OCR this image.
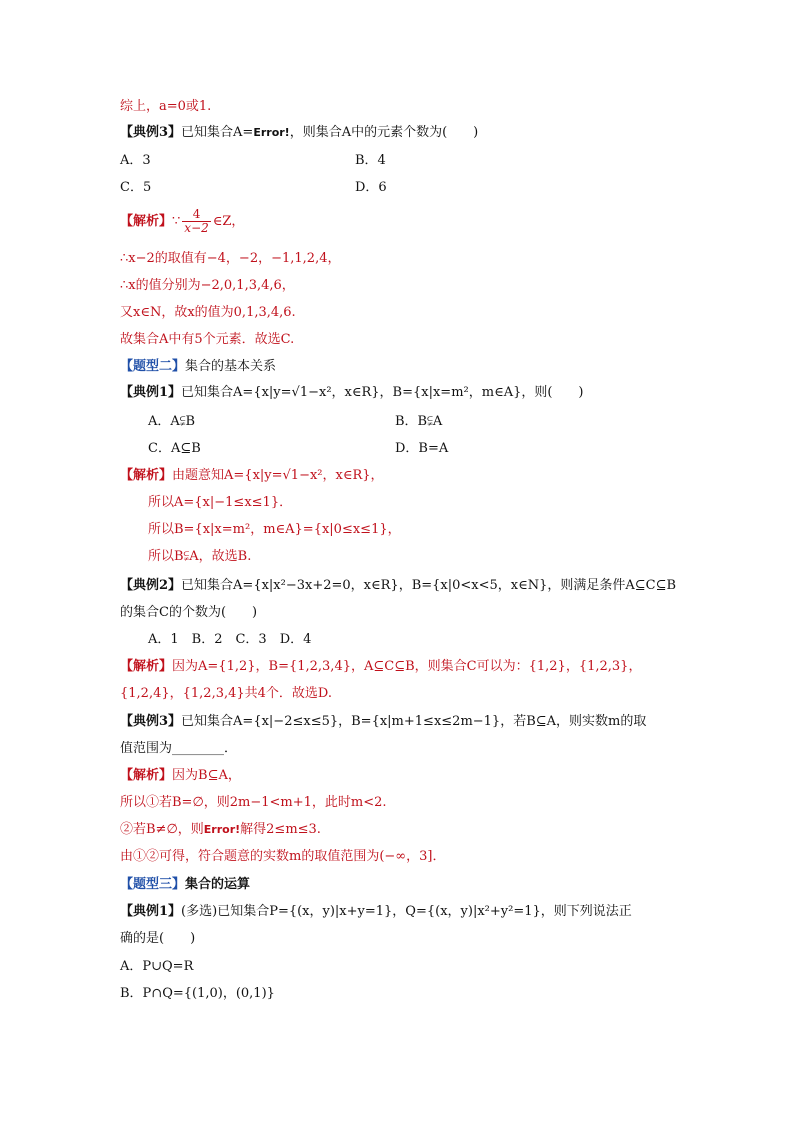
综上，a=0或1.
【典例3】已知集合A=Error!，则集合A中的元素个数为(　　)
A．3	B．4
C．5	D．6
【解析】∵ $\frac{4}{x-2}$ ∈Z，
∴x−2的取值有−4，−2，−1,1,2,4，
∴x的值分别为−2,0,1,3,4,6，
又x∈N，故x的值为0,1,3,4,6.
故集合A中有5个元素．故选C.
【题型二】集合的基本关系
【典例1】已知集合A={x|y=√1−x²，x∈R}，B={x|x=m²，m∈A}，则(　　)
A．A⫋B	B．B⫋A
C．A⊆B	D．B=A
【解析】由题意知A={x|y=√1−x²，x∈R}，
所以A={x|−1≤x≤1}．
所以B={x|x=m²，m∈A}={x|0≤x≤1}，
所以B⫋A，故选B.
【典例2】已知集合A={x|x²−3x+2=0，x∈R}，B={x|0<x<5，x∈N}，则满足条件A⊆C⊆B
的集合C的个数为(　　)
A．1　B．2　C．3　D．4
【解析】因为A={1,2}，B={1,2,3,4}，A⊆C⊆B，则集合C可以为：{1,2}，{1,2,3}，
{1,2,4}，{1,2,3,4}共4个．故选D.
【典例3】已知集合A={x|−2≤x≤5}，B={x|m+1≤x≤2m−1}，若B⊆A，则实数m的取
值范围为________．
【解析】因为B⊆A，
所以①若B=∅，则2m−1<m+1，此时m<2.
②若B≠∅，则Error!解得2≤m≤3.
由①②可得，符合题意的实数m的取值范围为(−∞，3]．
【题型三】集合的运算
【典例1】(多选)已知集合P={(x，y)|x+y=1}，Q={(x，y)|x²+y²=1}，则下列说法正
确的是(　　)
A．P∪Q=R
B．P∩Q={(1,0)，(0,1)}
